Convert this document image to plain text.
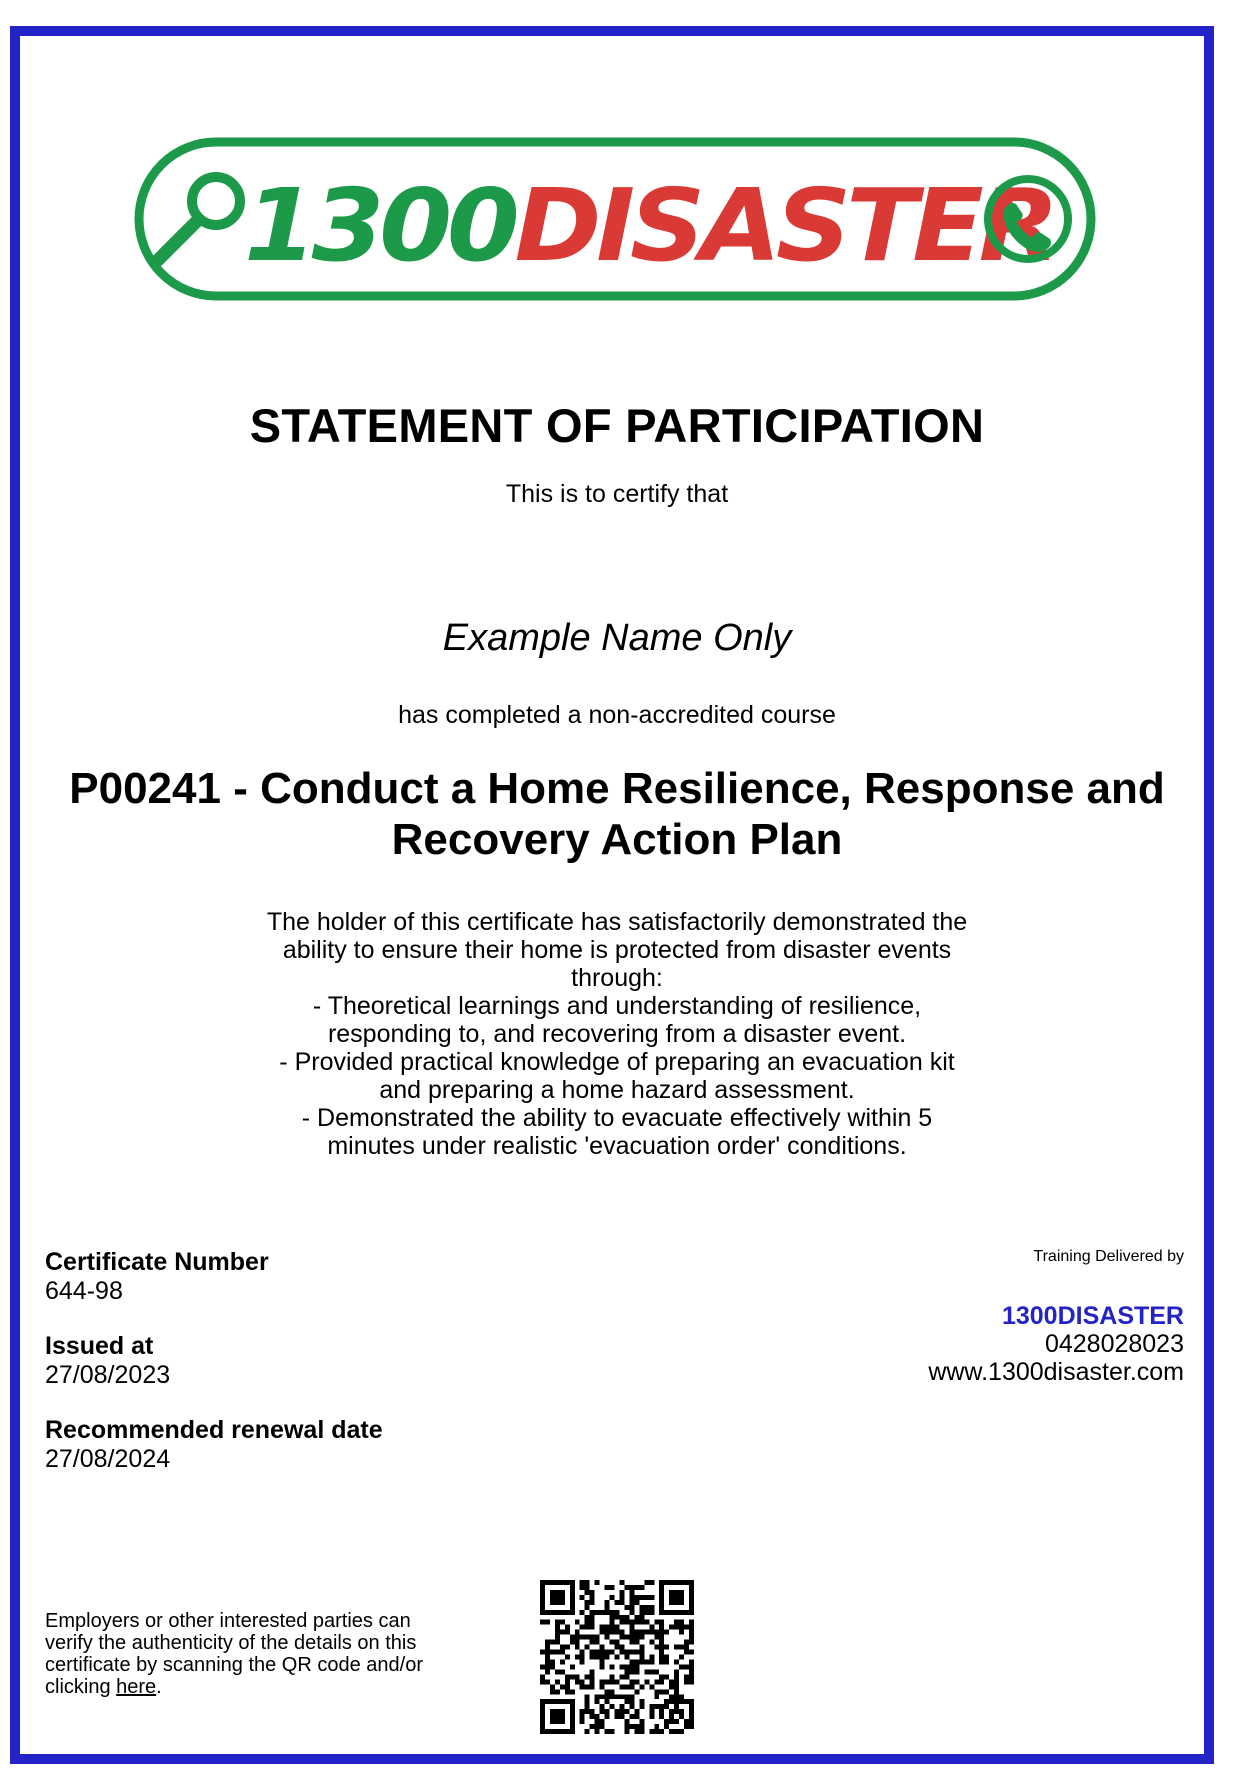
1300 DISASTER
STATEMENT OF PARTICIPATION
This is to certify that
Example Name Only
has completed a non-accredited course
P00241 - Conduct a Home Resilience, Response and
Recovery Action Plan
The holder of this certificate has satisfactorily demonstrated the
ability to ensure their home is protected from disaster events
through:
- Theoretical learnings and understanding of resilience,
responding to, and recovering from a disaster event.
- Provided practical knowledge of preparing an evacuation kit
and preparing a home hazard assessment.
- Demonstrated the ability to evacuate effectively within 5
minutes under realistic 'evacuation order' conditions.
Certificate Number
644-98
Issued at
27/08/2023
Recommended renewal date
27/08/2024
Training Delivered by
1300DISASTER
0428028023
www.1300disaster.com
Employers or other interested parties can verify the authenticity of the details on this certificate by scanning the QR code and/or clicking here.
